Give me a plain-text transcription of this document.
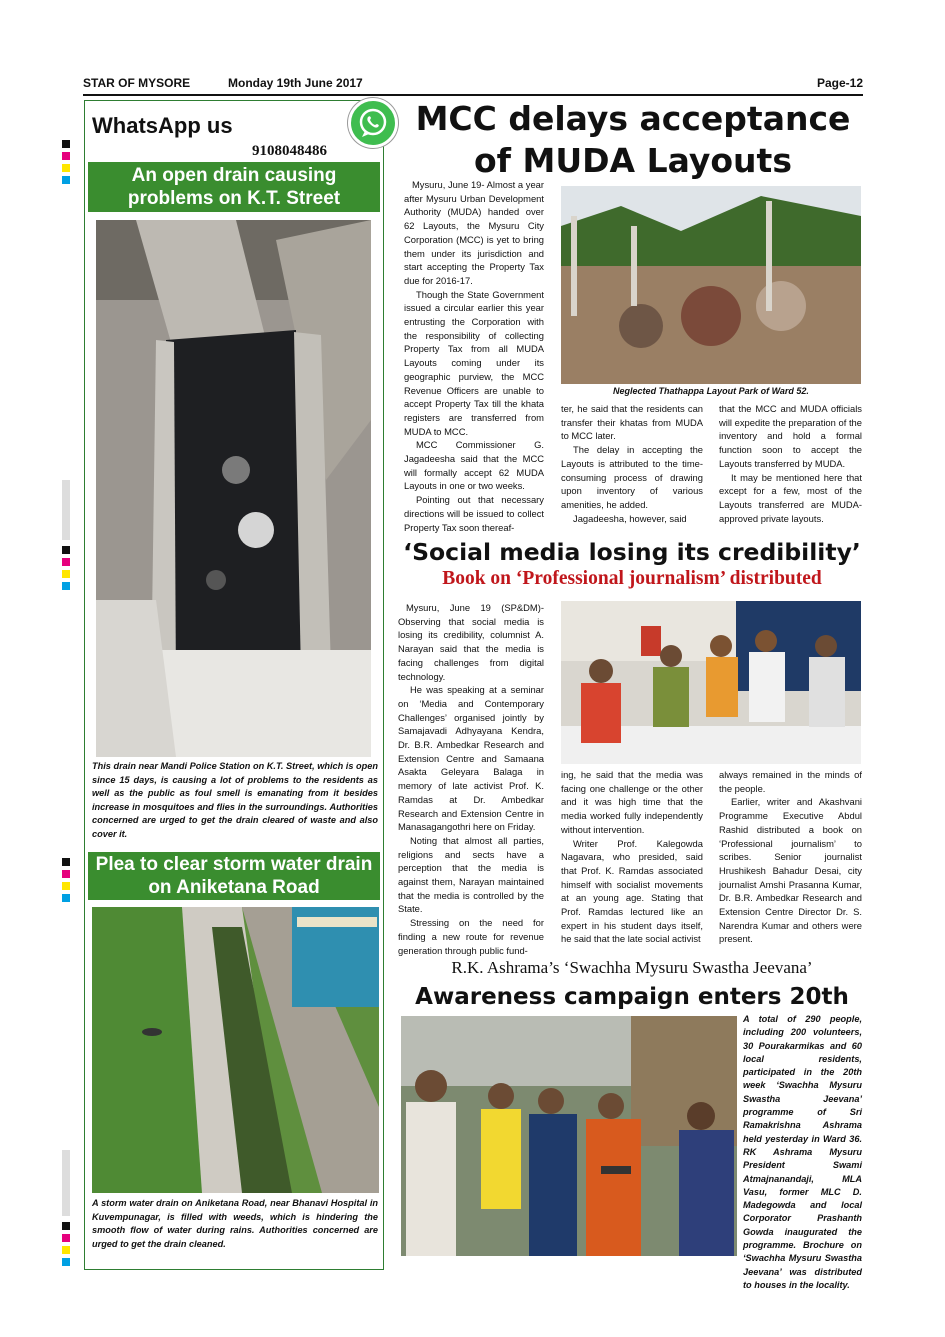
STAR OF MYSORE	Monday 19th June 2017	Page-12
WhatsApp us
9108048486
An open drain causing problems on K.T. Street
This drain near Mandi Police Station on K.T. Street, which is open since 15 days, is causing a lot of problems to the residents as well as the public as foul smell is emanating from it besides increase in mosquitoes and flies in the surroundings. Authorities concerned are urged to get the drain cleared of waste and also cover it.
Plea to clear storm water drain on Aniketana Road
A storm water drain on Aniketana Road, near Bhanavi Hospital in Kuvempunagar, is filled with weeds, which is hindering the smooth flow of water during rains. Authorities concerned are urged to get the drain cleaned.
MCC delays acceptance of MUDA Layouts

Mysuru, June 19- Almost a year after Mysuru Urban Development Authority (MUDA) handed over 62 Layouts, the Mysuru City Corporation (MCC) is yet to bring them under its jurisdiction and start accepting the Property Tax due for 2016-17.

Though the State Government issued a circular earlier this year entrusting the Corporation with the responsibility of collecting Property Tax from all MUDA Layouts coming under its geographic purview, the MCC Revenue Officers are unable to accept Property Tax till the khata registers are transferred from MUDA to MCC.

MCC Commissioner G. Jagadeesha said that the MCC will formally accept 62 MUDA Layouts in one or two weeks.

Pointing out that necessary directions will be issued to collect Property Tax soon thereaf-

Neglected Thathappa Layout Park of Ward 52.

ter, he said that the residents can transfer their khatas from MUDA to MCC later.

The delay in accepting the Layouts is attributed to the time-consuming process of drawing upon inventory of various amenities, he added.

Jagadeesha, however, said

that the MCC and MUDA officials will expedite the preparation of the inventory and hold a formal function soon to accept the Layouts transferred by MUDA.

It may be mentioned here that except for a few, most of the Layouts transferred are MUDA-approved private layouts.

‘Social media losing its credibility’
Book on ‘Professional journalism’ distributed

Mysuru, June 19 (SP&DM)- Observing that social media is losing its credibility, columnist A. Narayan said that the media is facing challenges from digital technology.

He was speaking at a seminar on ‘Media and Contemporary Challenges’ organised jointly by Samajavadi Adhyayana Kendra, Dr. B.R. Ambedkar Research and Extension Centre and Samaana Asakta Geleyara Balaga in memory of late activist Prof. K. Ramdas at Dr. Ambedkar Research and Extension Centre in Manasagangothri here on Friday.

Noting that almost all parties, religions and sects have a perception that the media is against them, Narayan maintained that the media is controlled by the State.

Stressing on the need for finding a new route for revenue generation through public fund-

ing, he said that the media was facing one challenge or the other and it was high time that the media worked fully independently without intervention.

Writer Prof. Kalegowda Nagavara, who presided, said that Prof. K. Ramdas associated himself with socialist movements at an young age. Stating that Prof. Ramdas lectured like an expert in his student days itself, he said that the late social activist

always remained in the minds of the people.

Earlier, writer and Akashvani Programme Executive Abdul Rashid distributed a book on ‘Professional journalism’ to scribes. Senior journalist Hrushikesh Bahadur Desai, city journalist Amshi Prasanna Kumar, Dr. B.R. Ambedkar Research and Extension Centre Director Dr. S. Narendra Kumar and others were present.

R.K. Ashrama’s ‘Swachha Mysuru Swastha Jeevana’
Awareness campaign enters 20th
A total of 290 people, including 200 volunteers, 30 Pourakarmikas and 60 local residents, participated in the 20th week ‘Swachha Mysuru Swastha Jeevana’ programme of Sri Ramakrishna Ashrama held yesterday in Ward 36. RK Ashrama Mysuru President Swami Atmajnanandaji, MLA Vasu, former MLC D. Madegowda and local Corporator Prashanth Gowda inaugurated the programme. Brochure on ‘Swachha Mysuru Swastha Jeevana’ was distributed to houses in the locality.
